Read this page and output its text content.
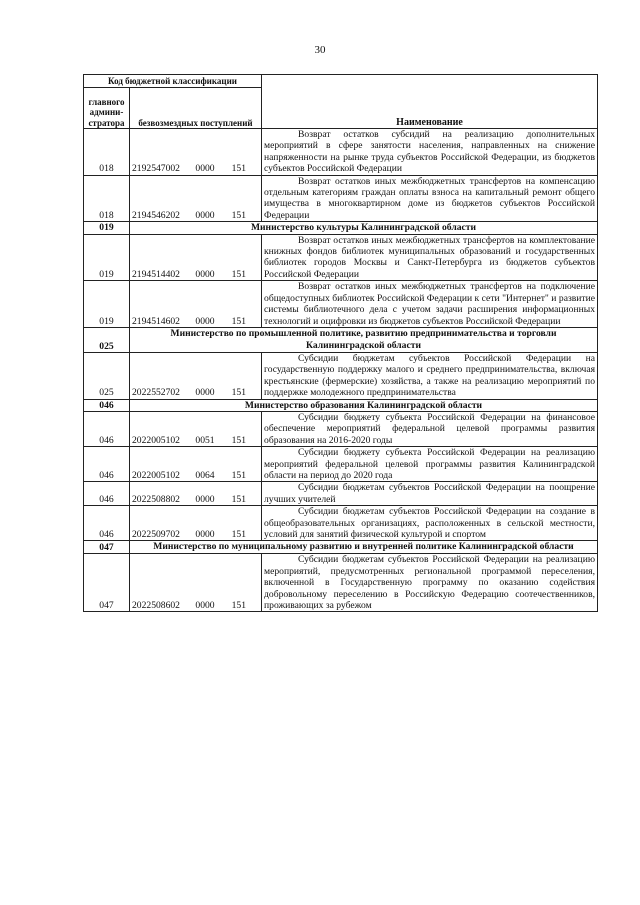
30
Код бюджетной классификации		Наименование
главного админи-стратора	безвозмездных поступлений	
018	2192547002 0000 151	Возврат остатков субсидий на реализацию дополнительных мероприятий в сфере занятости населения, направленных на снижение напряженности на рынке труда субъектов Российской Федерации, из бюджетов субъектов Российской Федерации
018	2194546202 0000 151	Возврат остатков иных межбюджетных трансфертов на компенсацию отдельным категориям граждан оплаты взноса на капитальный ремонт общего имущества в многоквартирном доме из бюджетов субъектов Российской Федерации
019	Министерство культуры Калининградской области	
019	2194514402 0000 151	Возврат остатков иных межбюджетных трансфертов на комплектование книжных фондов библиотек муниципальных образований и государственных библиотек городов Москвы и Санкт-Петербурга из бюджетов субъектов Российской Федерации
019	2194514602 0000 151	Возврат остатков иных межбюджетных трансфертов на подключение общедоступных библиотек Российской Федерации к сети "Интернет" и развитие системы библиотечного дела с учетом задачи расширения информационных технологий и оцифровки из бюджетов субъектов Российской Федерации
025	Министерство по промышленной политике, развитию предпринимательства и торговли Калининградской области	
025	2022552702 0000 151	Субсидии бюджетам субъектов Российской Федерации на государственную поддержку малого и среднего предпринимательства, включая крестьянские (фермерские) хозяйства, а также на реализацию мероприятий по поддержке молодежного предпринимательства
046	Министерство образования Калининградской области	
046	2022005102 0051 151	Субсидии бюджету субъекта Российской Федерации на финансовое обеспечение мероприятий федеральной целевой программы развития образования на 2016-2020 годы
046	2022005102 0064 151	Субсидии бюджету субъекта Российской Федерации на реализацию мероприятий федеральной целевой программы развития Калининградской области на период до 2020 года
046	2022508802 0000 151	Субсидии бюджетам субъектов Российской Федерации на поощрение лучших учителей
046	2022509702 0000 151	Субсидии бюджетам субъектов Российской Федерации на создание в общеобразовательных организациях, расположенных в сельской местности, условий для занятий физической культурой и спортом
047	Министерство по муниципальному развитию и внутренней политике Калининградской области	
047	2022508602 0000 151	Субсидии бюджетам субъектов Российской Федерации на реализацию мероприятий, предусмотренных региональной программой переселения, включенной в Государственную программу по оказанию содействия добровольному переселению в Российскую Федерацию соотечественников, проживающих за рубежом
